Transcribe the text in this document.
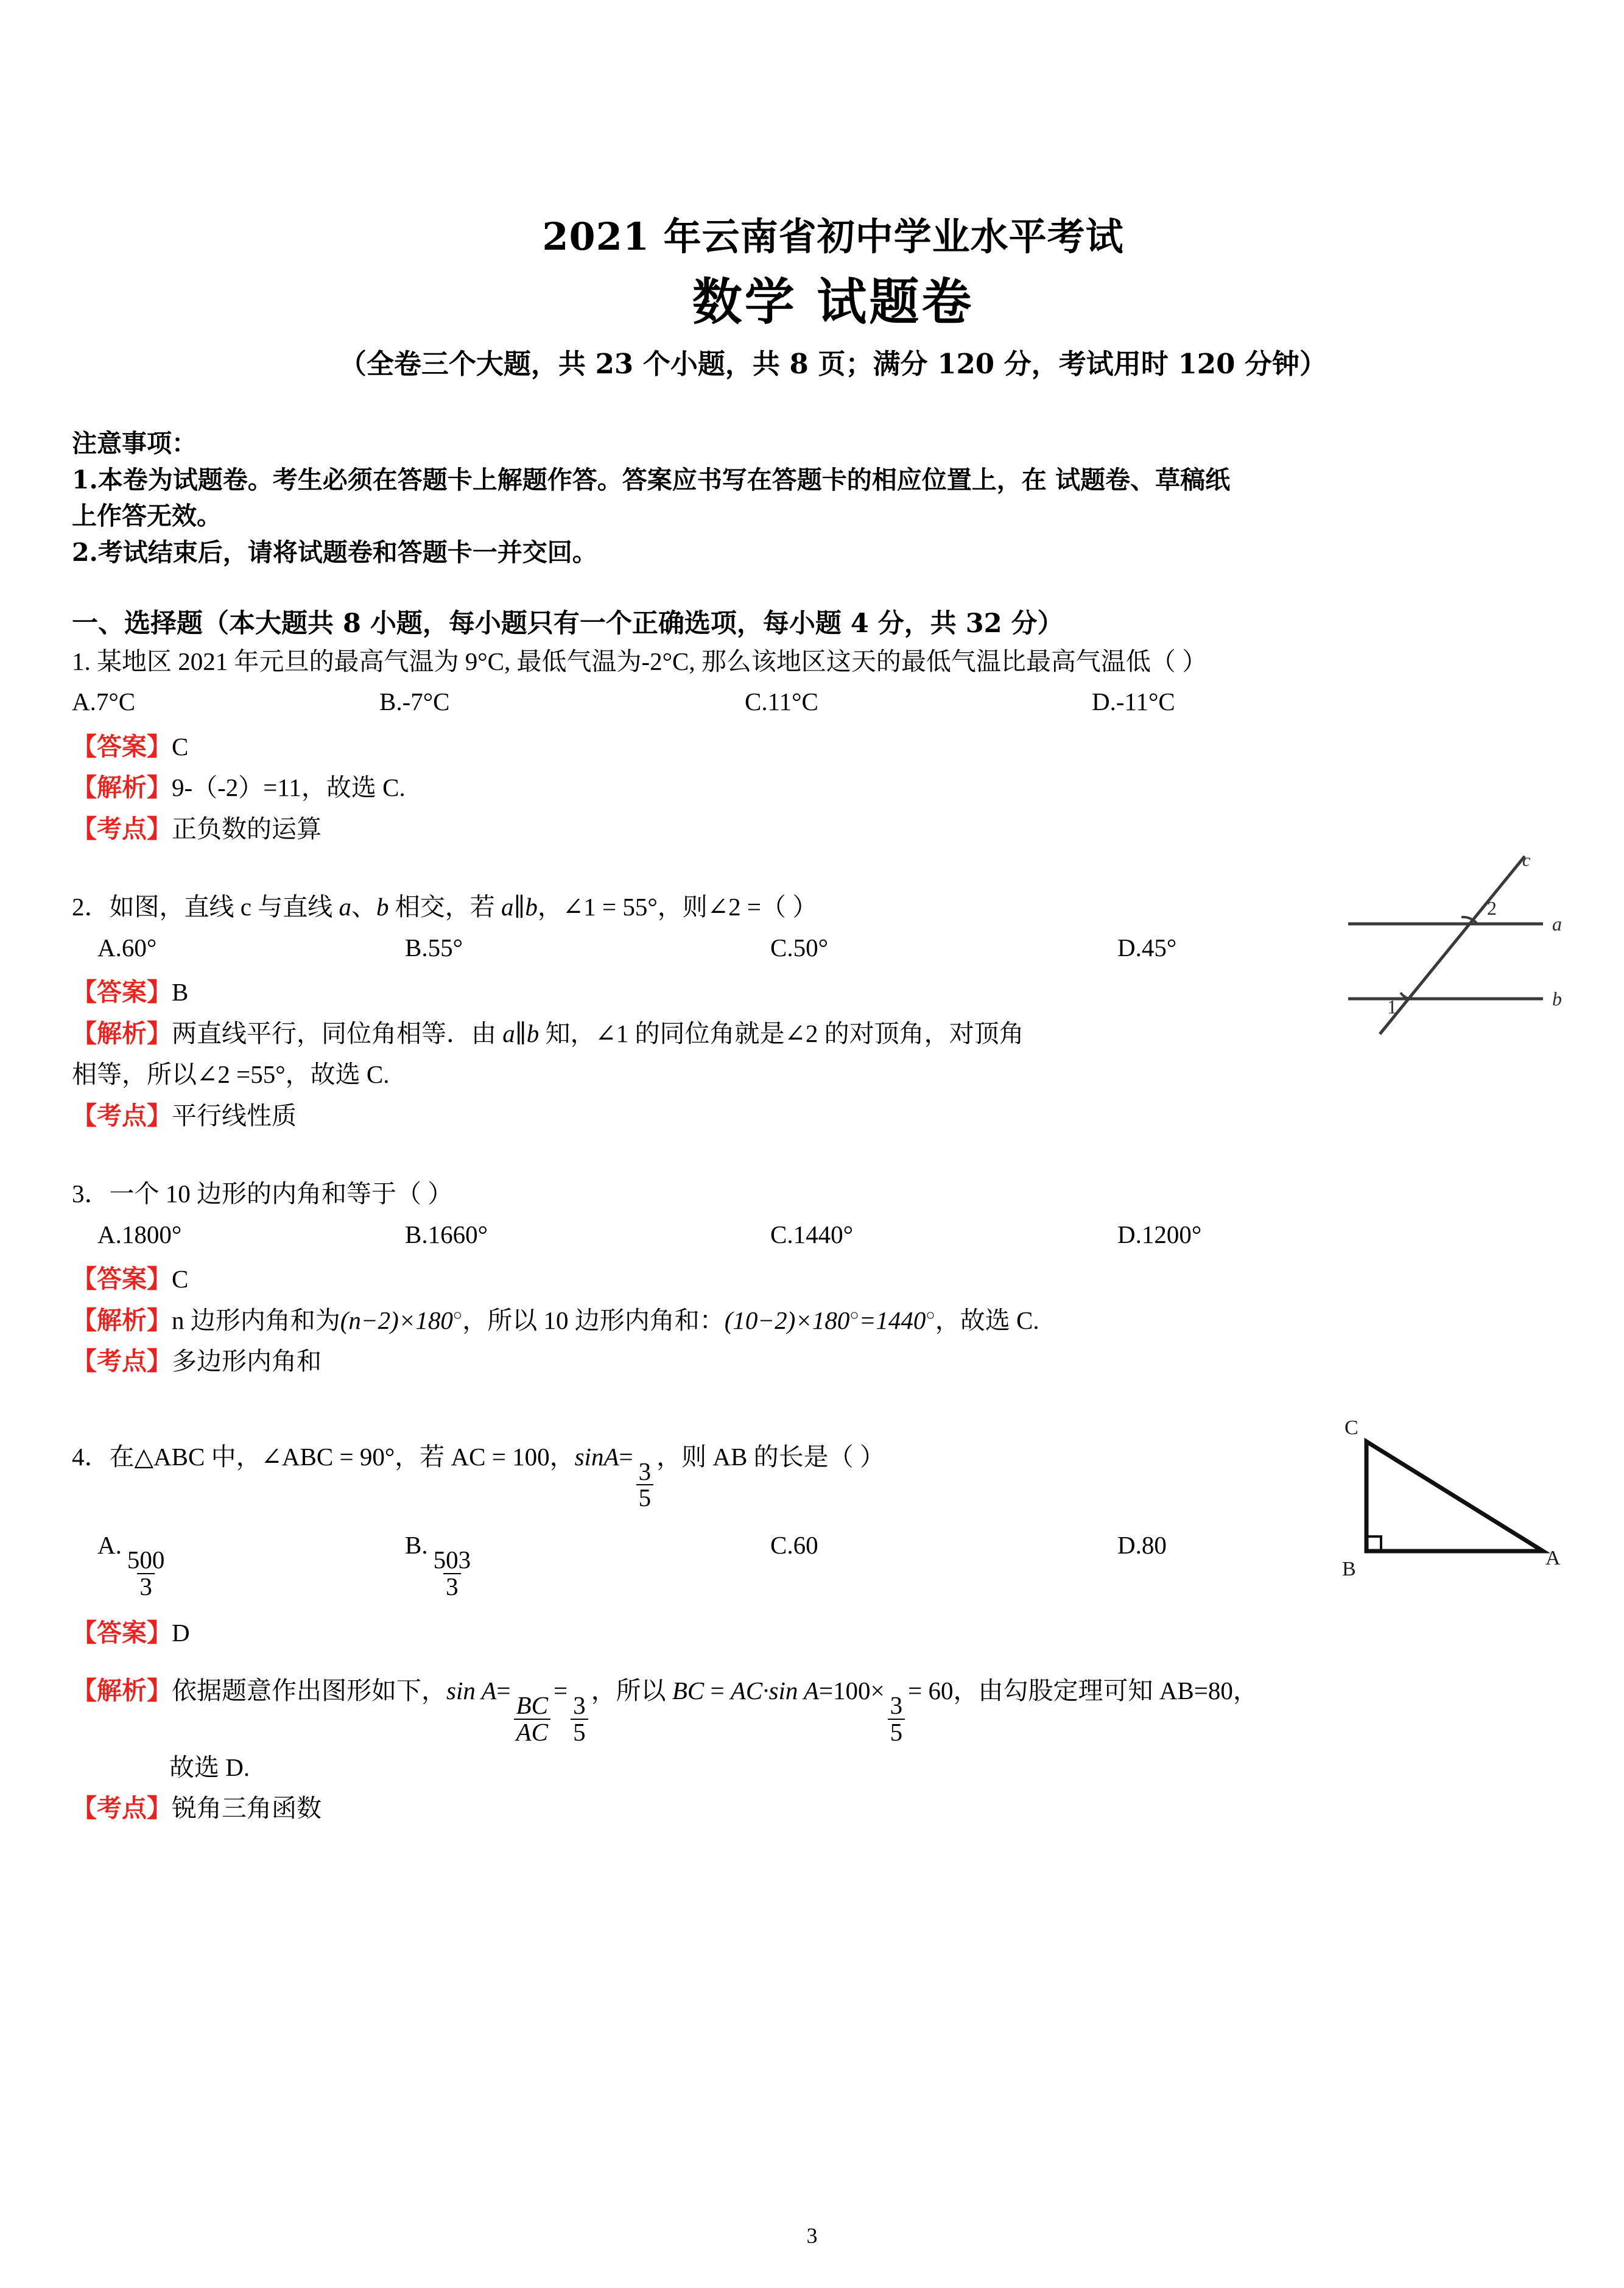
2021 年云南省初中学业水平考试
数学 试题卷
（全卷三个大题，共 23 个小题，共 8 页；满分 120 分，考试用时 120 分钟）
注意事项：
1.本卷为试题卷。考生必须在答题卡上解题作答。答案应书写在答题卡的相应位置上，在 试题卷、草稿纸
上作答无效。
2.考试结束后，请将试题卷和答题卡一并交回。
一、选择题（本大题共 8 小题，每小题只有一个正确选项，每小题 4 分，共 32 分）
1. 某地区 2021 年元旦的最高气温为 9°C, 最低气温为-2°C, 那么该地区这天的最低气温比最高气温低（ ）
A.7°C	B.-7°C	C.11°C	D.-11°C
【答案】C
【解析】9-（-2）=11，故选 C.
【考点】正负数的运算
2
1
a
b
c
2．如图，直线 c 与直线 a、b 相交，若 a∥b，∠1 = 55°，则∠2 =（ ）
A.60°	B.55°	C.50°	D.45°
【答案】B
【解析】两直线平行，同位角相等．由 a∥b 知，∠1 的同位角就是∠2 的对顶角，对顶角
相等，所以∠2 =55°，故选 C.
【考点】平行线性质
3．一个 10 边形的内角和等于（ ）
A.1800°	B.1660°	C.1440°	D.1200°
【答案】C
【解析】n 边形内角和为(n−2)×180○，所以 10 边形内角和：(10−2)×180○=1440○，故选 C.
【考点】多边形内角和
C
B	A
4．在△ABC 中，∠ABC = 90°，若 AC = 100，sinA=
$\frac{3}{5}$
，则 AB 的长是（ ）
A.
$\frac{500}{3}$
B.
$\frac{503}{3}$
C.60	D.80
【答案】D
【解析】依据题意作出图形如下，sin A=
$\frac{BC}{AC}$
=
$\frac{3}{5}$
，所以 BC = AC·sin A=100×
$\frac{3}{5}$
= 60，由勾股定理可知 AB=80，
故选 D.
【考点】锐角三角函数
3
